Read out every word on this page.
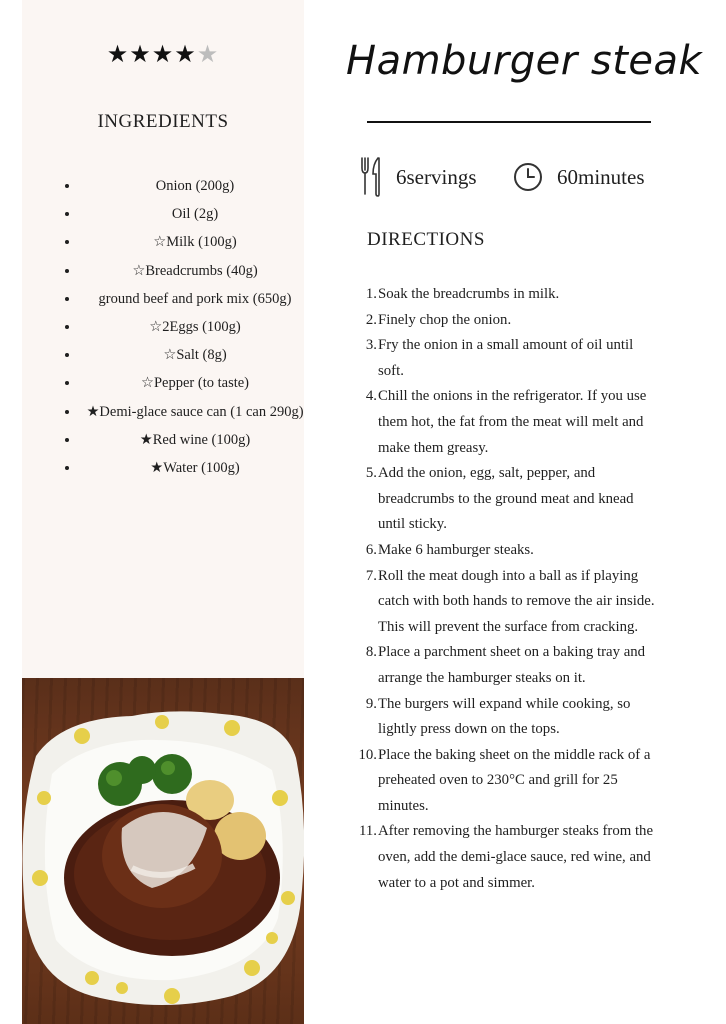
★★★★★
INGREDIENTS
• Onion (200g)
• Oil (2g)
• ☆Milk (100g)
• ☆Breadcrumbs (40g)
• ground beef and pork mix (650g)
• ☆2Eggs (100g)
• ☆Salt (8g)
• ☆Pepper (to taste)
• ★Demi-glace sauce can (1 can 290g)
• ★Red wine (100g)
• ★Water (100g)
Hamburger steak
6servings	60minutes
DIRECTIONS
Soak the breadcrumbs in milk.
Finely chop the onion.
Fry the onion in a small amount of oil until soft.
Chill the onions in the refrigerator. If you use them hot, the fat from the meat will melt and make them greasy.
Add the onion, egg, salt, pepper, and breadcrumbs to the ground meat and knead until sticky.
Make 6 hamburger steaks.
Roll the meat dough into a ball as if playing catch with both hands to remove the air inside. This will prevent the surface from cracking.
Place a parchment sheet on a baking tray and arrange the hamburger steaks on it.
The burgers will expand while cooking, so lightly press down on the tops.
Place the baking sheet on the middle rack of a preheated oven to 230°C and grill for 25 minutes.
After removing the hamburger steaks from the oven, add the demi-glace sauce, red wine, and water to a pot and simmer.
